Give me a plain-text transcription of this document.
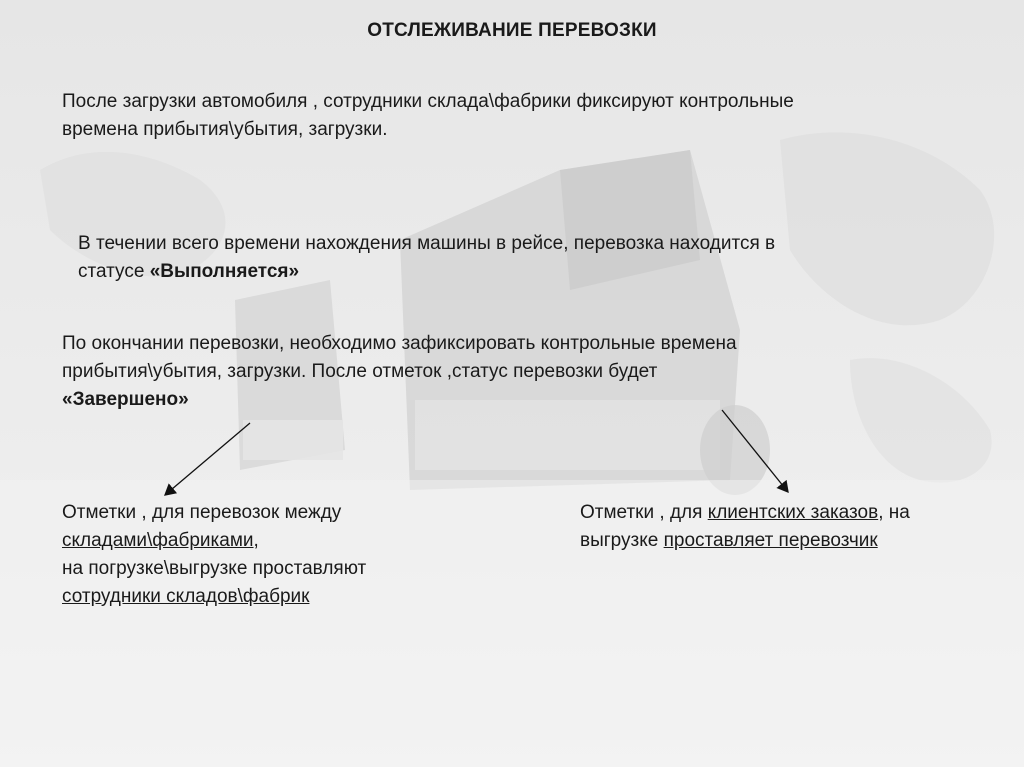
ОТСЛЕЖИВАНИЕ ПЕРЕВОЗКИ
После загрузки автомобиля , сотрудники склада\фабрики фиксируют контрольные
времена прибытия\убытия, загрузки.
В течении всего времени нахождения машины в рейсе, перевозка находится в
статусе «Выполняется»
По окончании перевозки, необходимо зафиксировать контрольные времена
прибытия\убытия, загрузки. После отметок ,статус перевозки будет
«Завершено»
Отметки , для перевозок между
складами\фабриками,
на погрузке\выгрузке проставляют
сотрудники складов\фабрик
Отметки , для клиентских заказов, на
выгрузке проставляет перевозчик
